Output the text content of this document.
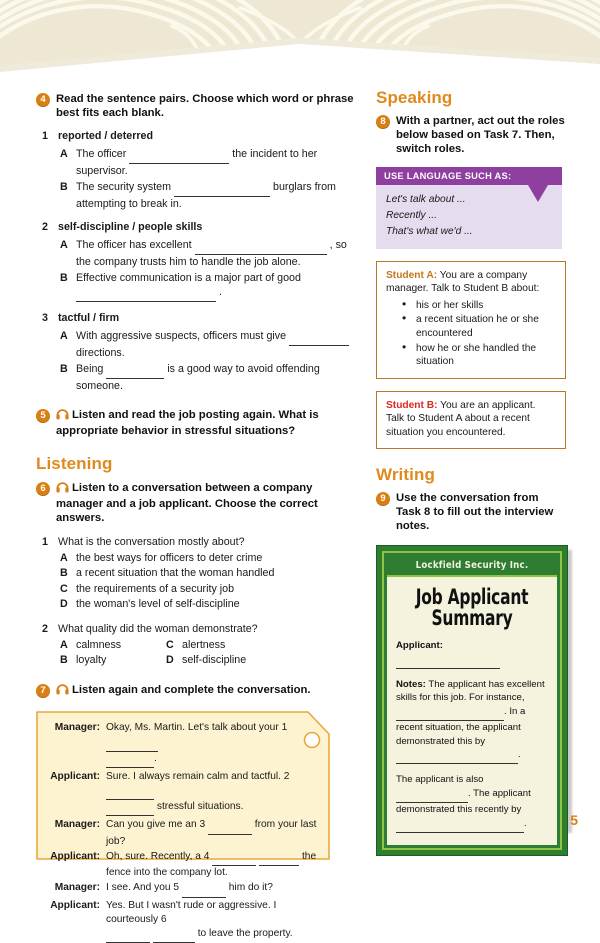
4 Read the sentence pairs. Choose which word or phrase best fits each blank.
1 reported / deterred
A The officer	the incident to her supervisor.
B The security system	burglars from attempting to break in.
2 self-discipline / people skills
A The officer has excellent	, so the company trusts him to handle the job alone.
B Effective communication is a major part of good
.
3 tactful / firm
A With aggressive suspects, officers must give   directions.
B Being	is a good way to avoid offending someone.
5	Listen and read the job posting again. What is appropriate behavior in stressful situations?
Listening
6	Listen to a conversation between a company manager and a job applicant. Choose the correct answers.
1 What is the conversation mostly about?
A the best ways for officers to deter crime
B a recent situation that the woman handled
C the requirements of a security job
D the woman's level of self-discipline
2 What quality did the woman demonstrate?
A calmness	C alertness
B loyalty	D self-discipline
7	Listen again and complete the conversation.
Manager: Okay, Ms. Martin. Let's talk about your 1
.
Applicant: Sure. I always remain calm and tactful. 2
stressful situations.
Manager: Can you give me an 3	from your last job?
Applicant: Oh, sure. Recently, a 4	the fence into the company lot.
Manager: I see. And you 5	him do it?
Applicant: Yes. But I wasn't rude or aggressive. I courteously 6
to leave the property.
Speaking
8 With a partner, act out the roles below based on Task 7. Then, switch roles.
USE LANGUAGE SUCH AS:
Let's talk about ...
Recently ...
That's what we'd ...
Student A: You are a company manager. Talk to Student B about:
• his or her skills
• a recent situation he or she encountered
• how he or she handled the situation
Student B: You are an applicant. Talk to Student A about a recent situation you encountered.
Writing
9 Use the conversation from Task 8 to fill out the interview notes.
Lockfield Security Inc.
Job Applicant
Summary
Applicant:
Notes: The applicant has excellent skills for this job. For instance,
. In a recent situation, the applicant demonstrated this by  .
The applicant is also  . The applicant demonstrated this recently by  .	5
